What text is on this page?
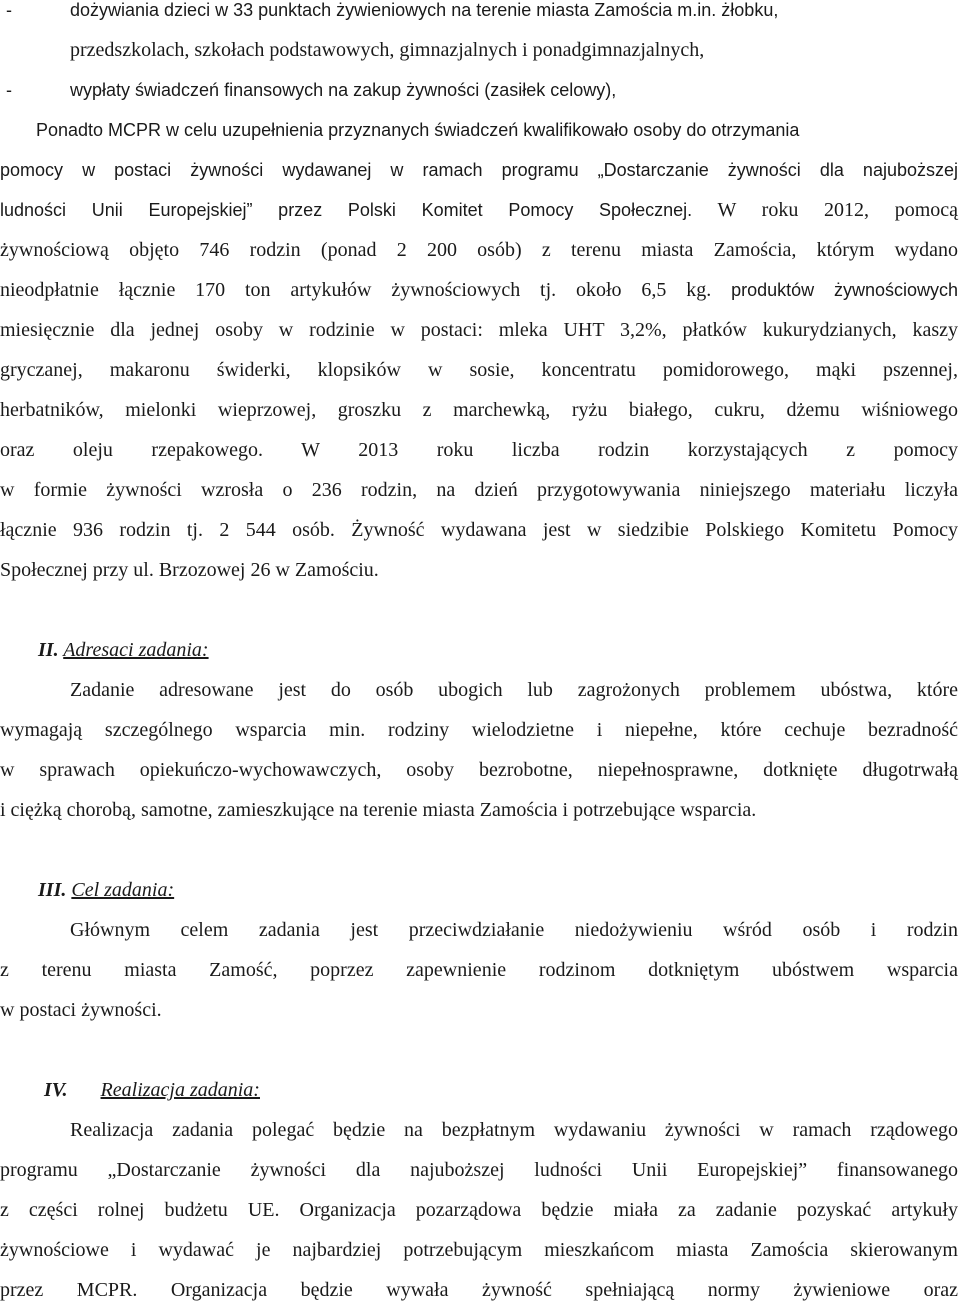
-	dożywiania dzieci w 33 punktach żywieniowych na terenie miasta Zamościa m.in. żłobku,
przedszkolach, szkołach podstawowych, gimnazjalnych i ponadgimnazjalnych,
-	wypłaty świadczeń finansowych na zakup żywności (zasiłek celowy),
Ponadto MCPR w celu uzupełnienia przyznanych świadczeń kwalifikowało osoby do otrzymania
pomocy w postaci żywności wydawanej w ramach programu „Dostarczanie żywności dla najuboższej
ludności Unii Europejskiej” przez Polski Komitet Pomocy Społecznej. W roku 2012, pomocą
żywnościową objęto 746 rodzin (ponad 2 200 osób) z terenu miasta Zamościa, którym wydano
nieodpłatnie łącznie 170 ton artykułów żywnościowych tj. około 6,5 kg. produktów żywnościowych
miesięcznie dla jednej osoby w rodzinie w postaci: mleka UHT 3,2%, płatków kukurydzianych, kaszy
gryczanej, makaronu świderki, klopsików w sosie, koncentratu pomidorowego, mąki pszennej,
herbatników, mielonki wieprzowej, groszku z marchewką, ryżu białego, cukru, dżemu wiśniowego
oraz oleju rzepakowego. W 2013 roku liczba rodzin korzystających z pomocy
w formie żywności wzrosła o 236 rodzin, na dzień przygotowywania niniejszego materiału liczyła
łącznie 936 rodzin tj. 2 544 osób. Żywność wydawana jest w siedzibie Polskiego Komitetu Pomocy
Społecznej przy ul. Brzozowej 26 w Zamościu.
II. Adresaci zadania:
Zadanie adresowane jest do osób ubogich lub zagrożonych problemem ubóstwa, które
wymagają szczególnego wsparcia min. rodziny wielodzietne i niepełne, które cechuje bezradność
w sprawach opiekuńczo-wychowawczych, osoby bezrobotne, niepełnosprawne, dotknięte długotrwałą
i ciężką chorobą, samotne, zamieszkujące na terenie miasta Zamościa i potrzebujące wsparcia.
III. Cel zadania:
Głównym celem zadania jest przeciwdziałanie niedożywieniu wśród osób i rodzin
z terenu miasta Zamość, poprzez zapewnienie rodzinom dotkniętym ubóstwem wsparcia
w postaci żywności.
IV. Realizacja zadania:
Realizacja zadania polegać będzie na bezpłatnym wydawaniu żywności w ramach rządowego
programu „Dostarczanie żywności dla najuboższej ludności Unii Europejskiej” finansowanego
z części rolnej budżetu UE. Organizacja pozarządowa będzie miała za zadanie pozyskać artykuły
żywnościowe i wydawać je najbardziej potrzebującym mieszkańcom miasta Zamościa skierowanym
przez MCPR. Organizacja będzie wywała żywność spełniającą normy żywieniowe oraz
